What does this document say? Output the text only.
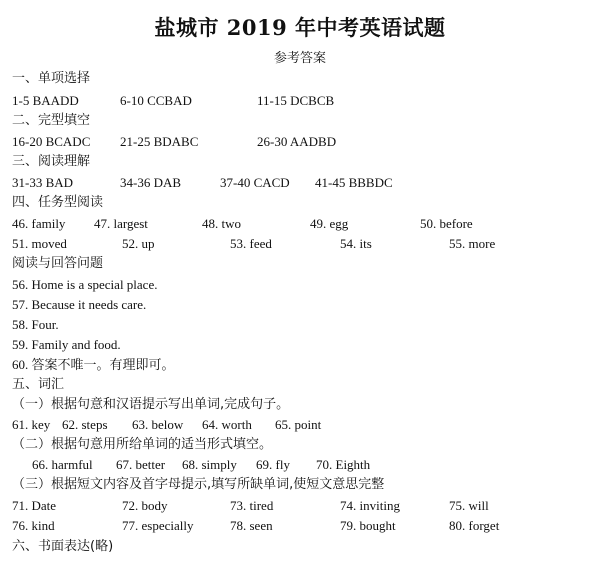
盐城市 2019 年中考英语试题
参考答案
一、单项选择
1-5 BAADD	6-10 CCBAD	11-15 DCBCB
二、完型填空
16-20 BCADC 21-25 BDABC	26-30 AADBD
三、阅读理解
31-33 BAD	34-36 DAB	37-40 CACD 41-45 BBBDC
四、任务型阅读
46. family 47. largest	48. two	49. egg	50. before
51. moved	52. up	53. feed	54. its	55. more
阅读与回答问题
56. Home is a special place.
57. Because it needs care.
58. Four.
59. Family and food.
60. 答案不唯一。有理即可。
五、词汇
（一）根据句意和汉语提示写出单词,完成句子。
61. key 62. steps 63. below 64. worth 65. point
（二）根据句意用所给单词的适当形式填空。
66. harmful 67. better 68. simply 69. fly 70. Eighth
（三）根据短文内容及首字母提示,填写所缺单词,使短文意思完整
71. Date	72. body	73. tired	74. inviting	75. will
76. kind	77. especially	78. seen	79. bought	80. forget
六、书面表达(略)
